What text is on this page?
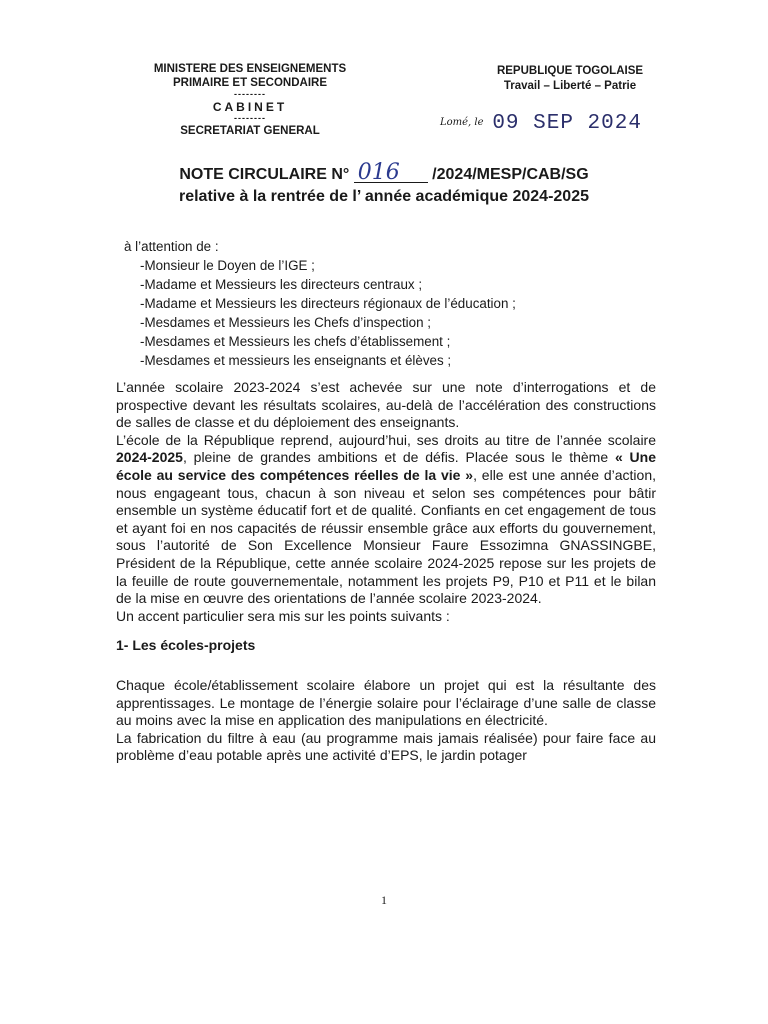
MINISTERE DES ENSEIGNEMENTS
PRIMAIRE ET SECONDAIRE
--------
CABINET
--------
SECRETARIAT GENERAL
REPUBLIQUE TOGOLAISE
Travail – Liberté – Patrie
Lomé, le 09 SEP 2024
NOTE CIRCULAIRE N° 016 /2024/MESP/CAB/SG
relative à la rentrée de l’ année académique 2024-2025
à l’attention de :
-Monsieur le Doyen de l’IGE ;
-Madame et Messieurs les directeurs centraux ;
-Madame et Messieurs les directeurs régionaux de l’éducation ;
-Mesdames et Messieurs les Chefs d’inspection ;
-Mesdames et Messieurs les chefs d’établissement ;
-Mesdames et messieurs les enseignants et élèves ;

L’année scolaire 2023-2024 s’est achevée sur une note d’interrogations et de prospective devant les résultats scolaires, au-delà de l’accélération des constructions de salles de classe et du déploiement des enseignants.

L’école de la République reprend, aujourd’hui, ses droits au titre de l’année scolaire 2024-2025, pleine de grandes ambitions et de défis. Placée sous le thème « Une école au service des compétences réelles de la vie », elle est une année d’action, nous engageant tous, chacun à son niveau et selon ses compétences pour bâtir ensemble un système éducatif fort et de qualité. Confiants en cet engagement de tous et ayant foi en nos capacités de réussir ensemble grâce aux efforts du gouvernement, sous l’autorité de Son Excellence Monsieur Faure Essozimna GNASSINGBE, Président de la République, cette année scolaire 2024-2025 repose sur les projets de la feuille de route gouvernementale, notamment les projets P9, P10 et P11 et le bilan de la mise en œuvre des orientations de l’année scolaire 2023-2024.

Un accent particulier sera mis sur les points suivants :

1- Les écoles-projets

Chaque école/établissement scolaire élabore un projet qui est la résultante des apprentissages. Le montage de l’énergie solaire pour l’éclairage d’une salle de classe au moins avec la mise en application des manipulations en électricité.

La fabrication du filtre à eau (au programme mais jamais réalisée) pour faire face au problème d’eau potable après une activité d’EPS, le jardin potager

1
